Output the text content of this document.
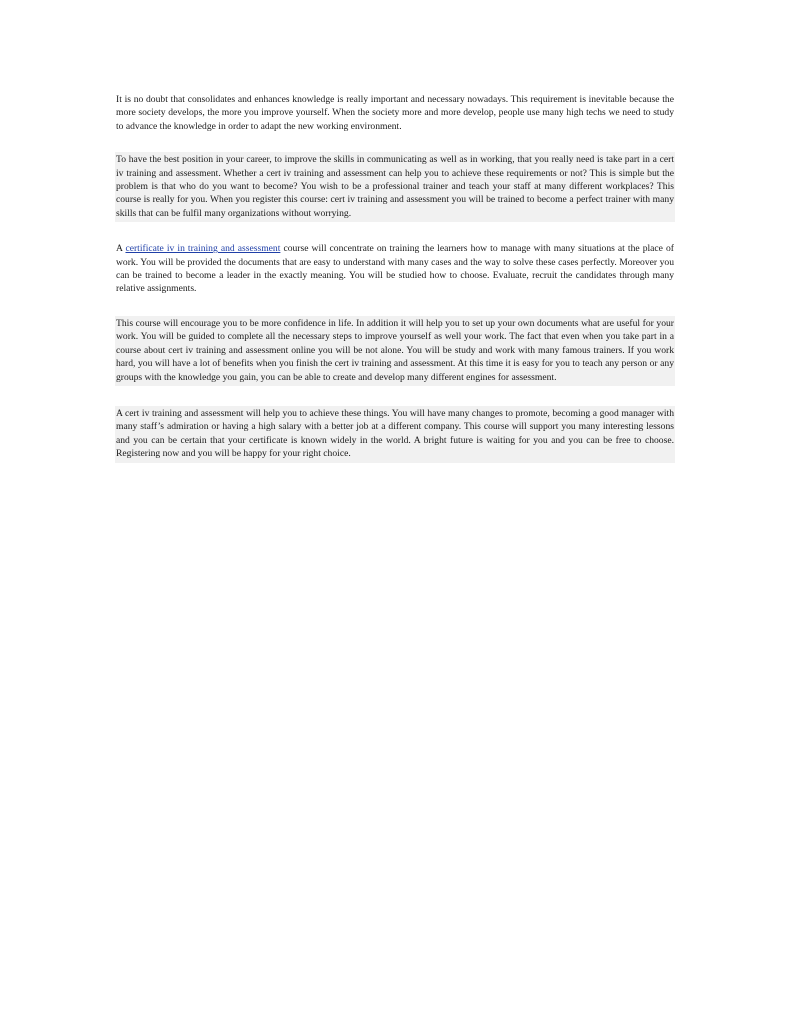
It is no doubt that consolidates and enhances knowledge is really important and necessary nowadays. This requirement is inevitable because the more society develops, the more you improve yourself. When the society more and more develop, people use many high techs we need to study to advance the knowledge in order to adapt the new working environment.

To have the best position in your career, to improve the skills in communicating as well as in working, that you really need is take part in a cert iv training and assessment. Whether a cert iv training and assessment can help you to achieve these requirements or not? This is simple but the problem is that who do you want to become? You wish to be a professional trainer and teach your staff at many different workplaces? This course is really for you. When you register this course: cert iv training and assessment you will be trained to become a perfect trainer with many skills that can be fulfil many organizations without worrying.

A certificate iv in training and assessment course will concentrate on training the learners how to manage with many situations at the place of work. You will be provided the documents that are easy to understand with many cases and the way to solve these cases perfectly. Moreover you can be trained to become a leader in the exactly meaning. You will be studied how to choose. Evaluate, recruit the candidates through many relative assignments.

This course will encourage you to be more confidence in life. In addition it will help you to set up your own documents what are useful for your work. You will be guided to complete all the necessary steps to improve yourself as well your work. The fact that even when you take part in a course about cert iv training and assessment online you will be not alone. You will be study and work with many famous trainers. If you work hard, you will have a lot of benefits when you finish the cert iv training and assessment. At this time it is easy for you to teach any person or any groups with the knowledge you gain, you can be able to create and develop many different engines for assessment.

A cert iv training and assessment will help you to achieve these things. You will have many changes to promote, becoming a good manager with many staff’s admiration or having a high salary with a better job at a different company. This course will support you many interesting lessons and you can be certain that your certificate is known widely in the world. A bright future is waiting for you and you can be free to choose. Registering now and you will be happy for your right choice.
